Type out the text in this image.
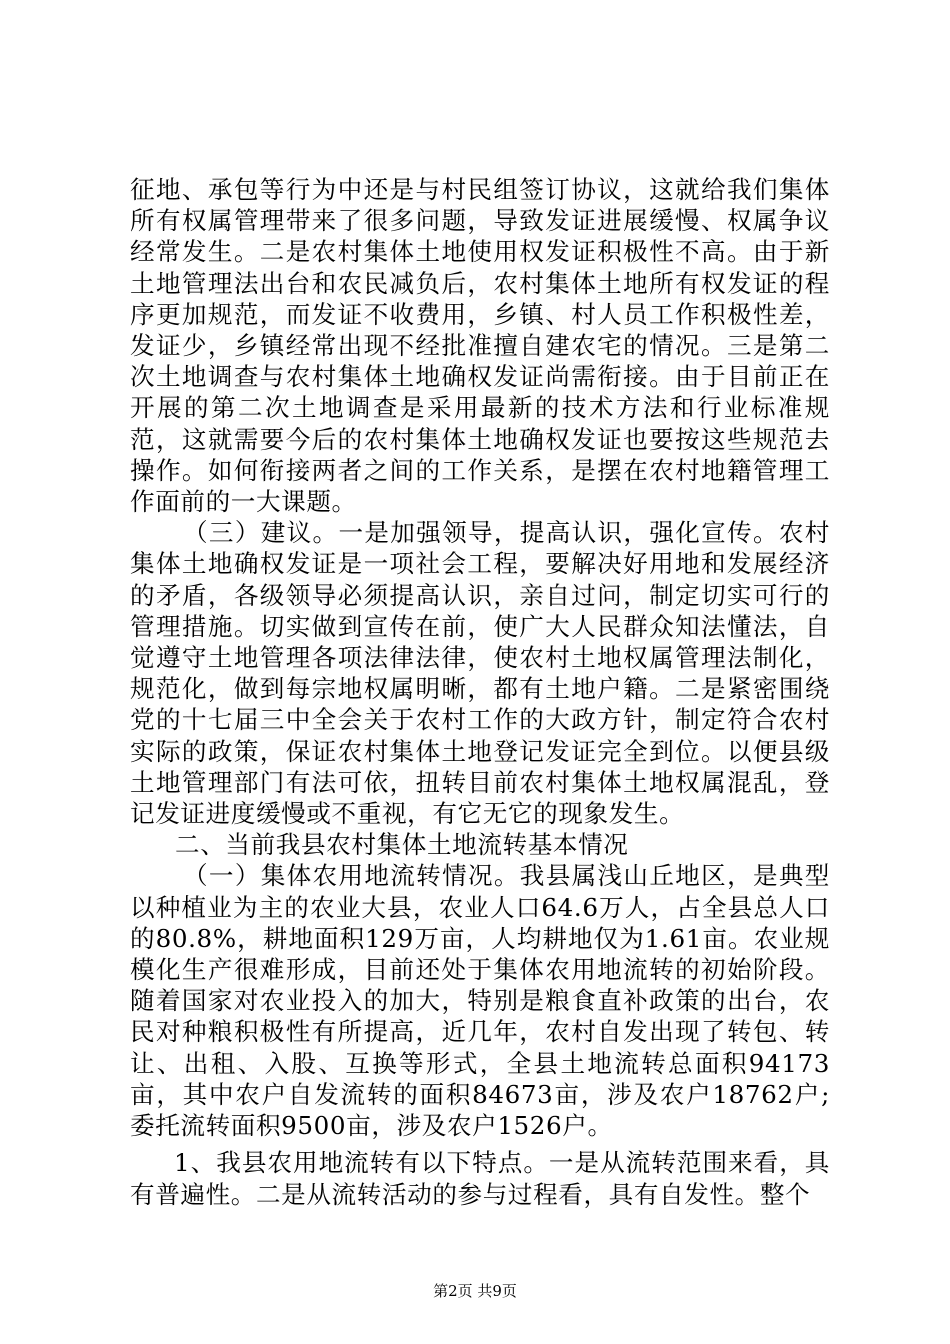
征地、承包等行为中还是与村民组签订协议，这就给我们集体所有权属管理带来了很多问题，导致发证进展缓慢、权属争议经常发生。二是农村集体土地使用权发证积极性不高。由于新土地管理法出台和农民减负后，农村集体土地所有权发证的程序更加规范，而发证不收费用，乡镇、村人员工作积极性差，发证少，乡镇经常出现不经批准擅自建农宅的情况。三是第二次土地调查与农村集体土地确权发证尚需衔接。由于目前正在开展的第二次土地调查是采用最新的技术方法和行业标准规范，这就需要今后的农村集体土地确权发证也要按这些规范去操作。如何衔接两者之间的工作关系，是摆在农村地籍管理工作面前的一大课题。

（三）建议。一是加强领导，提高认识，强化宣传。农村集体土地确权发证是一项社会工程，要解决好用地和发展经济的矛盾，各级领导必须提高认识，亲自过问，制定切实可行的管理措施。切实做到宣传在前，使广大人民群众知法懂法，自觉遵守土地管理各项法律法律，使农村土地权属管理法制化，规范化，做到每宗地权属明晰，都有土地户籍。二是紧密围绕党的十七届三中全会关于农村工作的大政方针，制定符合农村实际的政策，保证农村集体土地登记发证完全到位。以便县级土地管理部门有法可依，扭转目前农村集体土地权属混乱，登记发证进度缓慢或不重视，有它无它的现象发生。

二、当前我县农村集体土地流转基本情况

（一）集体农用地流转情况。我县属浅山丘地区，是典型以种植业为主的农业大县，农业人口64.6万人，占全县总人口的80.8%，耕地面积129万亩，人均耕地仅为1.61亩。农业规模化生产很难形成，目前还处于集体农用地流转的初始阶段。随着国家对农业投入的加大，特别是粮食直补政策的出台，农民对种粮积极性有所提高，近几年，农村自发出现了转包、转让、出租、入股、互换等形式，全县土地流转总面积94173亩，其中农户自发流转的面积84673亩，涉及农户18762户;委托流转面积9500亩，涉及农户1526户。

1、我县农用地流转有以下特点。一是从流转范围来看，具有普遍性。二是从流转活动的参与过程看，具有自发性。整个

第2页 共9页
